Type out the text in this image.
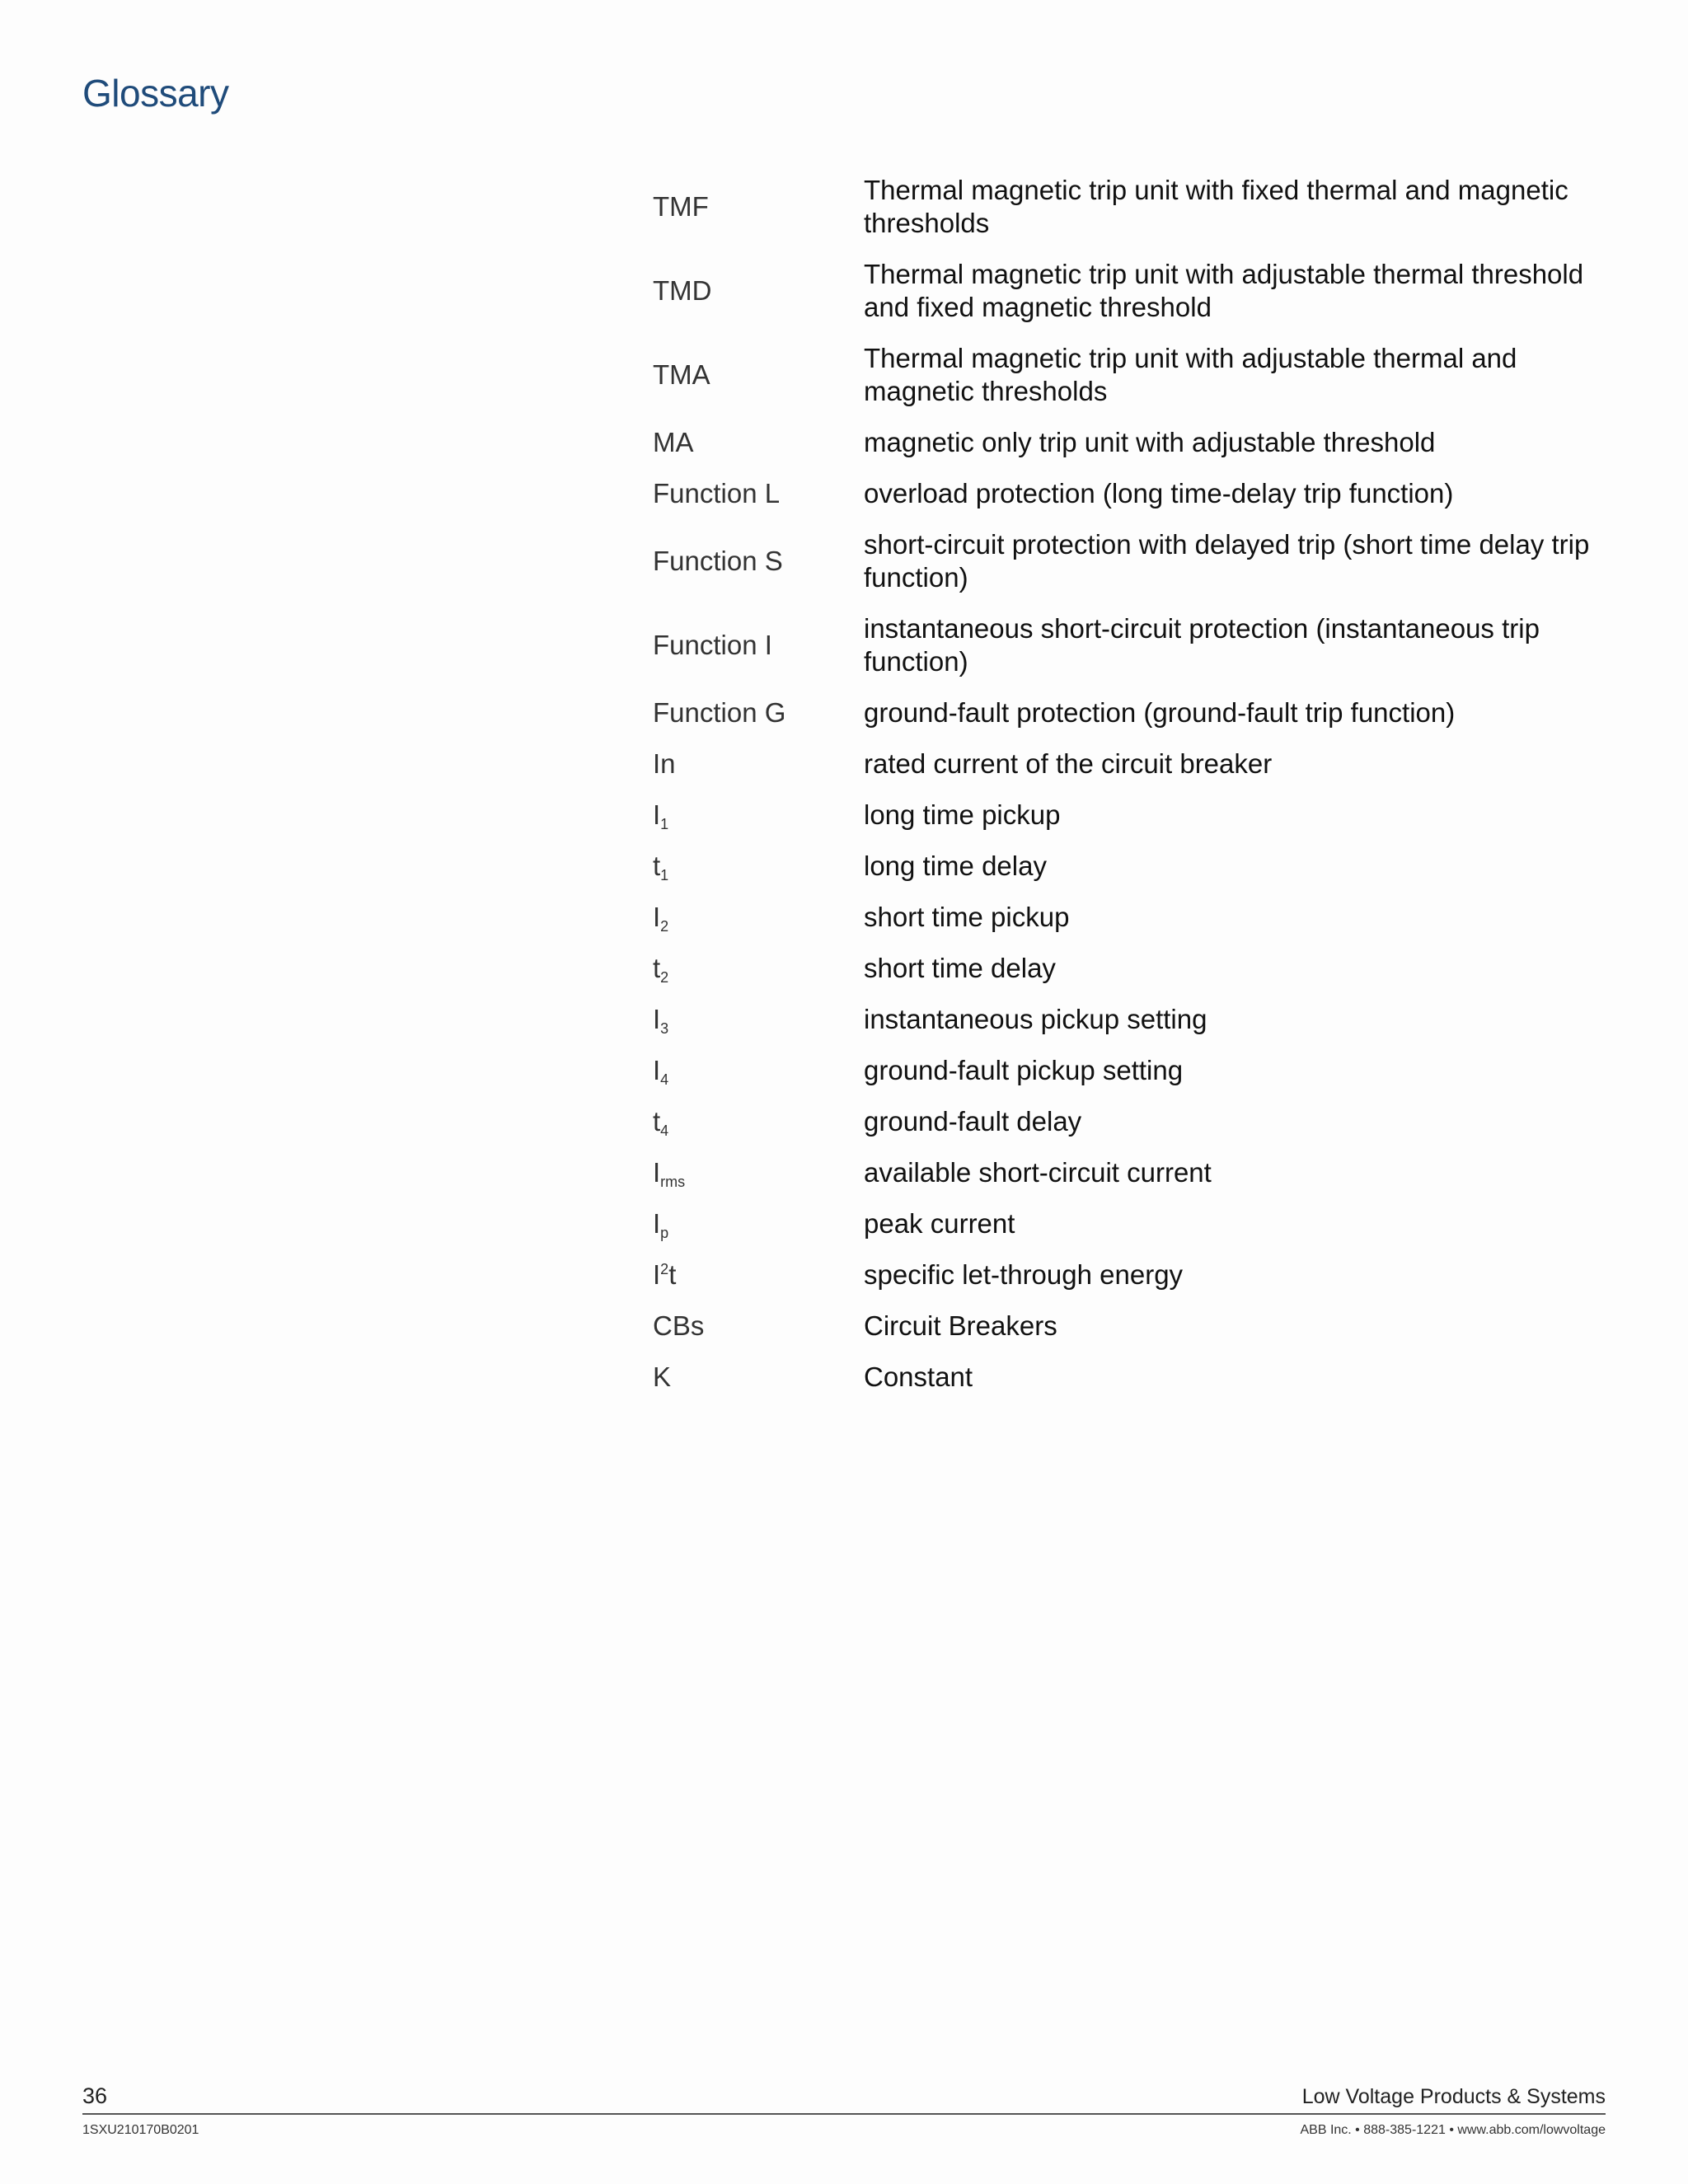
Glossary
TMF	Thermal magnetic trip unit with fixed thermal and magnetic thresholds
TMD	Thermal magnetic trip unit with adjustable thermal threshold and fixed magnetic threshold
TMA	Thermal magnetic trip unit with adjustable thermal and magnetic thresholds
MA	magnetic only trip unit with adjustable threshold
Function L	overload protection (long time-delay trip function)
Function S	short-circuit protection with delayed trip (short time delay trip function)
Function I	instantaneous short-circuit protection (instantaneous trip function)
Function G	ground-fault protection (ground-fault trip function)
In	rated current of the circuit breaker
$I_1$	long time pickup
$t_1$	long time delay
$I_2$	short time pickup
$t_2$	short time delay
$I_3$	instantaneous pickup setting
$I_4$	ground-fault pickup setting
$t_4$	ground-fault delay
$I_{rms}$	available short-circuit current
$I_p$	peak current
$I^2t$	specific let-through energy
CBs	Circuit Breakers
K	Constant
36	Low Voltage Products & Systems
1SXU210170B0201	ABB Inc. • 888-385-1221 • www.abb.com/lowvoltage
